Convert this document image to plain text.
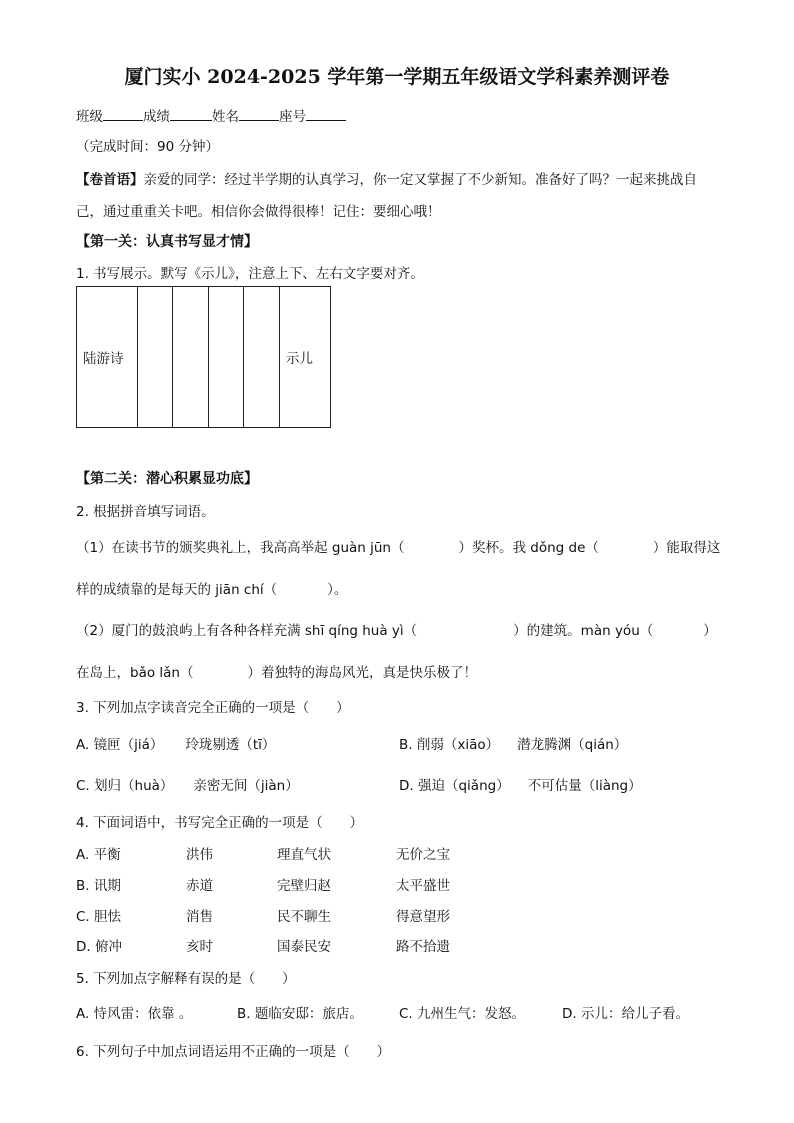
厦门实小 2024-2025 学年第一学期五年级语文学科素养测评卷
班级	成绩	姓名	座号
（完成时间：90 分钟）
【卷首语】亲爱的同学：经过半学期的认真学习，你一定又掌握了不少新知。准备好了吗？一起来挑战自
己，通过重重关卡吧。相信你会做得很棒！记住：要细心哦！
【第一关：认真书写显才情】
1. 书写展示。默写《示儿》，注意上下、左右文字要对齐。
陆游诗					示儿
【第二关：潜心积累显功底】
2. 根据拼音填写词语。
（1）在读书节的颁奖典礼上，我高高举起 guàn jūn（	）奖杯。我 dǒng de（	）能取得这
样的成绩靠的是每天的 jiān chí（	）。
（2）厦门的鼓浪屿上有各种各样充满 shī qíng huà yì（	）的建筑。màn yóu（	）
在岛上，bǎo lǎn（	）着独特的海岛风光，真是快乐极了！
3. 下列加点字读音完全正确的一项是（　　）
A. 镜匣（jiá） 玲珑剔透（tī）	B. 削弱（xiāo） 潜龙腾渊（qián）
C. 划归（huà） 亲密无间（jiàn）	D. 强迫（qiǎng） 不可估量（liàng）
4. 下面词语中，书写完全正确的一项是（　　）
A. 平衡	洪伟	理直气状	无价之宝
B. 讯期	赤道	完壁归赵	太平盛世
C. 胆怯	消售	民不聊生	得意望形
D. 俯冲	亥时	国泰民安	路不拾遗
5. 下列加点字解释有误的是（　　）
A. 恃风雷：依靠 。	B. 题临安邸：旅店。	C. 九州生气：发怒。	D. 示儿：给儿子看。
6. 下列句子中加点词语运用不正确的一项是（　　）
